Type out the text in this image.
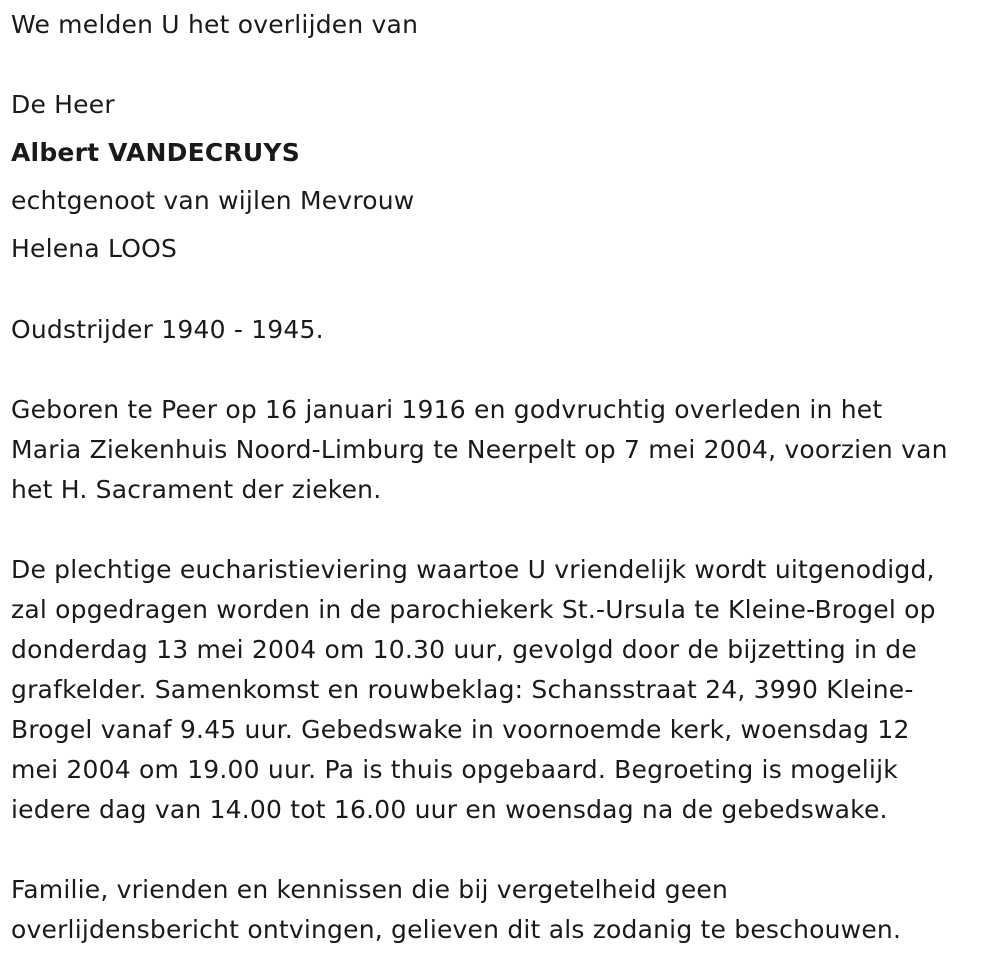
We melden U het overlijden van
De Heer
Albert VANDECRUYS
echtgenoot van wijlen Mevrouw
Helena LOOS
Oudstrijder 1940 - 1945.
Geboren te Peer op 16 januari 1916 en godvruchtig overleden in het
Maria Ziekenhuis Noord-Limburg te Neerpelt op 7 mei 2004, voorzien van
het H. Sacrament der zieken.
De plechtige eucharistieviering waartoe U vriendelijk wordt uitgenodigd,
zal opgedragen worden in de parochiekerk St.-Ursula te Kleine-Brogel op
donderdag 13 mei 2004 om 10.30 uur, gevolgd door de bijzetting in de
grafkelder. Samenkomst en rouwbeklag: Schansstraat 24, 3990 Kleine-
Brogel vanaf 9.45 uur. Gebedswake in voornoemde kerk, woensdag 12
mei 2004 om 19.00 uur. Pa is thuis opgebaard. Begroeting is mogelijk
iedere dag van 14.00 tot 16.00 uur en woensdag na de gebedswake.
Familie, vrienden en kennissen die bij vergetelheid geen
overlijdensbericht ontvingen, gelieven dit als zodanig te beschouwen.
